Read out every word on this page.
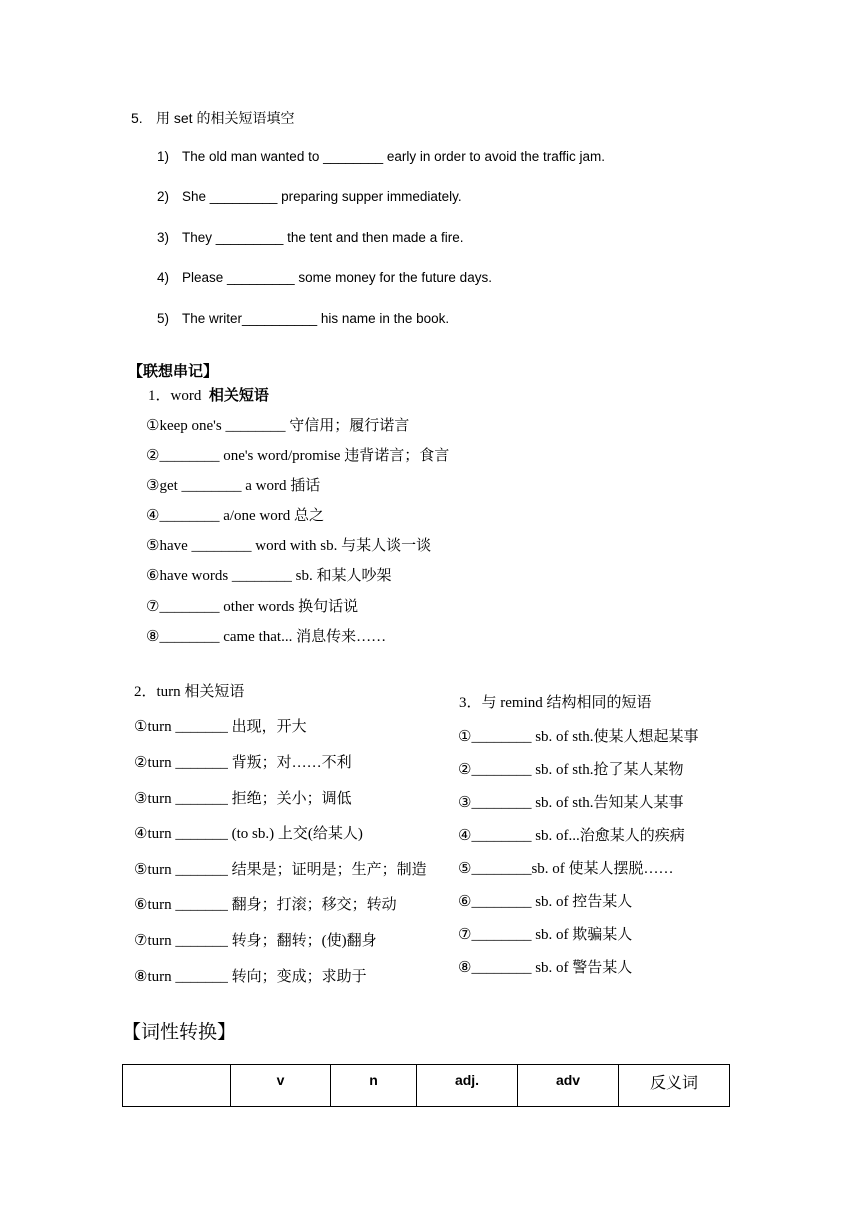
5. 用 set 的相关短语填空
1) The old man wanted to ________ early in order to avoid the traffic jam.
2) She _________ preparing supper immediately.
3) They _________ the tent and then made a fire.
4) Please _________ some money for the future days.
5) The writer__________ his name in the book.
【联想串记】
1．word 相关短语
①keep one's ________ 守信用；履行诺言
②________ one's word/promise 违背诺言；食言
③get ________ a word 插话
④________ a/one word 总之
⑤have ________ word with sb. 与某人谈一谈
⑥have words ________ sb. 和某人吵架
⑦________ other words 换句话说
⑧________ came that... 消息传来……
2．turn 相关短语
①turn _______ 出现，开大
②turn _______ 背叛；对……不利
③turn _______ 拒绝；关小；调低
④turn _______ (to sb.) 上交(给某人)
⑤turn _______ 结果是；证明是；生产；制造
⑥turn _______ 翻身；打滚；移交；转动
⑦turn _______ 转身；翻转；(使)翻身
⑧turn _______ 转向；变成；求助于
3．与 remind 结构相同的短语
①________ sb. of sth.使某人想起某事
②________ sb. of sth.抢了某人某物
③________ sb. of sth.告知某人某事
④________ sb. of...治愈某人的疾病
⑤________sb. of 使某人摆脱……
⑥________ sb. of 控告某人
⑦________ sb. of 欺骗某人
⑧________ sb. of 警告某人
【词性转换】
	v	n	adj.	adv	反义词
